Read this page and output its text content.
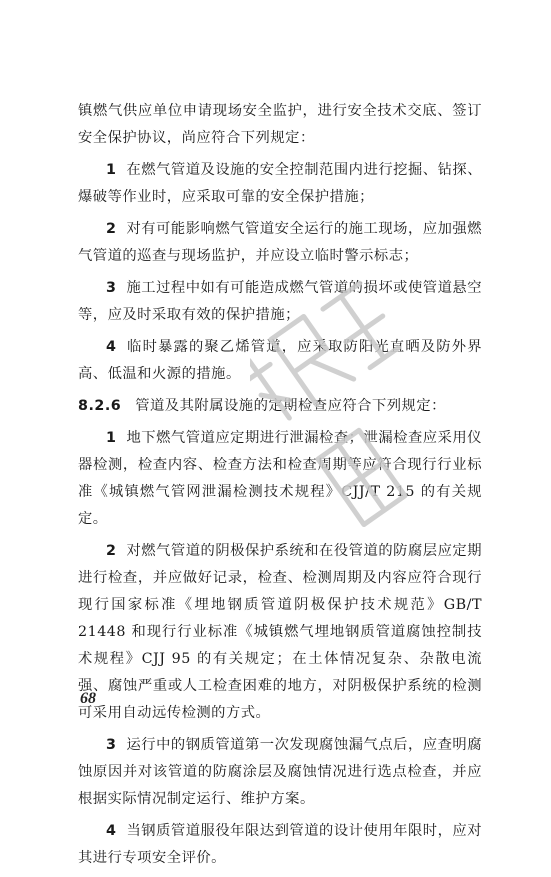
镇燃气供应单位申请现场安全监护，进行安全技术交底、签订安全保护协议，尚应符合下列规定：

1 在燃气管道及设施的安全控制范围内进行挖掘、钻探、爆破等作业时，应采取可靠的安全保护措施；

2 对有可能影响燃气管道安全运行的施工现场，应加强燃气管道的巡查与现场监护，并应设立临时警示标志；

3 施工过程中如有可能造成燃气管道的损坏或使管道悬空等，应及时采取有效的保护措施；

4 临时暴露的聚乙烯管道，应采取防阳光直晒及防外界高、低温和火源的措施。

8.2.6 管道及其附属设施的定期检查应符合下列规定：

1 地下燃气管道应定期进行泄漏检查；泄漏检查应采用仪器检测，检查内容、检查方法和检查周期等应符合现行行业标准《城镇燃气管网泄漏检测技术规程》CJJ/T 215 的有关规定。

2 对燃气管道的阴极保护系统和在役管道的防腐层应定期进行检查，并应做好记录，检查、检测周期及内容应符合现行现行国家标准《埋地钢质管道阴极保护技术规范》GB/T 21448 和现行行业标准《城镇燃气埋地钢质管道腐蚀控制技术规程》CJJ 95 的有关规定；在土体情况复杂、杂散电流强、腐蚀严重或人工检查困难的地方，对阴极保护系统的检测可采用自动远传检测的方式。

3 运行中的钢质管道第一次发现腐蚀漏气点后，应查明腐蚀原因并对该管道的防腐涂层及腐蚀情况进行选点检查，并应根据实际情况制定运行、维护方案。

4 当钢质管道服役年限达到管道的设计使用年限时，应对其进行专项安全评价。

68
